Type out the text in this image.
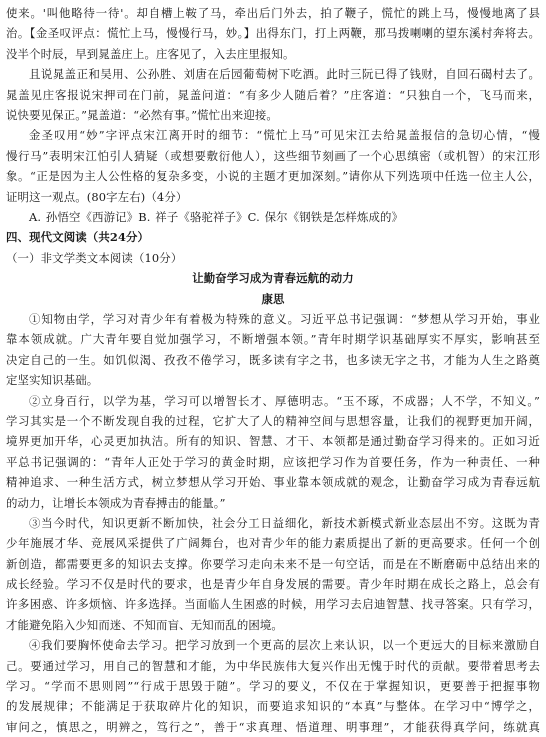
使来。'叫他略待一待'。却自槽上鞍了马，牵出后门外去，拍了鞭子，慌忙的跳上马，慢慢地离了县
治。【金圣叹评点：慌忙上马，慢慢行马，妙。】出得东门，打上两鞭，那马拨喇喇的望东溪村奔将去。
没半个时辰，早到晁盖庄上。庄客见了，入去庄里报知。
且说晁盖正和吴用、公孙胜、刘唐在后园葡萄树下吃酒。此时三阮已得了钱财，自回石碣村去了。
晁盖见庄客报说宋押司在门前，晁盖问道：“有多少人随后着？”庄客道：“只独自一个，飞马而来，
说快要见保正。”晁盖道：“必然有事。”慌忙出来迎接。
金圣叹用“妙”字评点宋江离开时的细节：“慌忙上马”可见宋江去给晁盖报信的急切心情，“慢
慢行马”表明宋江怕引人猜疑（或想要敷衍他人），这些细节刻画了一个心思缜密（或机智）的宋江形
象。“正是因为主人公性格的复杂多变，小说的主题才更加深刻。”请你从下列选项中任选一位主人公，
证明这一观点。(80字左右)（4分）
A. 孙悟空《西游记》B. 祥子《骆驼祥子》C. 保尔《钢铁是怎样炼成的》
四、现代文阅读（共24分）
（一）非文学类文本阅读（10分）
让勤奋学习成为青春远航的动力
康思
①知物由学，学习对青少年有着极为特殊的意义。习近平总书记强调：“梦想从学习开始，事业
靠本领成就。广大青年要自觉加强学习，不断增强本领。”青年时期学识基础厚实不厚实，影响甚至
决定自己的一生。如饥似渴、孜孜不倦学习，既多读有字之书，也多读无字之书，才能为人生之路奠
定坚实知识基础。
②立身百行，以学为基，学习可以增智长才、厚德明志。“玉不琢，不成器；人不学，不知义。”
学习其实是一个不断发现自我的过程，它扩大了人的精神空间与思想容量，让我们的视野更加开阔，
境界更加开华，心灵更加执洁。所有的知识、智慧、才干、本领都是通过勤奋学习得来的。正如习近
平总书记强调的：“青年人正处于学习的黄金时期，应该把学习作为首要任务，作为一种责任、一种
精神追求、一种生活方式，树立梦想从学习开始、事业靠本领成就的观念，让勤奋学习成为青春远航
的动力，让增长本领成为青春搏击的能量。”
③当今时代，知识更新不断加快，社会分工日益细化，新技术新模式新业态层出不穷。这既为青
少年施展才华、竞展风采提供了广阔舞台，也对青少年的能力素质提出了新的更高要求。任何一个创
新创造，都需要更多的知识去支撑。你要学习走向未来不是一句空话，而是在不断磨砺中总结出来的
成长经验。学习不仅是时代的要求，也是青少年自身发展的需要。青少年时期在成长之路上，总会有
许多困惑、许多烦恼、许多选择。当面临人生困惑的时候，用学习去启迪智慧、找寻答案。只有学习，
才能避免陷入少知而迷、不知而盲、无知而乱的困境。
④我们要胸怀使命去学习。把学习放到一个更高的层次上来认识，以一个更远大的目标来激励自
己。要通过学习，用自己的智慧和才能，为中华民族伟大复兴作出无愧于时代的贡献。要带着思考去
学习。“学而不思则罔”“行成于思毁于随”。学习的要义，不仅在于掌握知识，更要善于把握事物
的发展规律；不能满足于获取碎片化的知识，而要追求知识的“本真”与整体。在学习中“博学之，
审问之，慎思之，明辨之，笃行之”，善于“求真理、悟道理、明事理”，才能获得真学问，练就真
